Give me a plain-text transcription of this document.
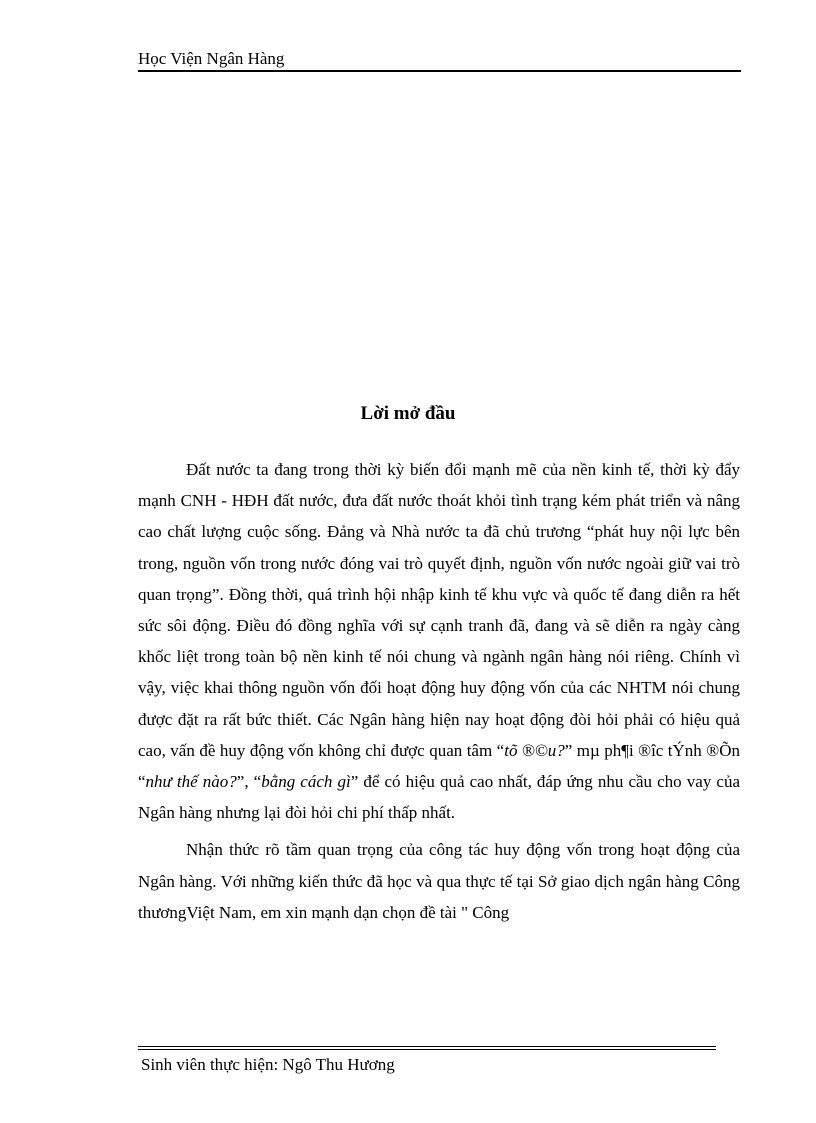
Học Viện Ngân Hàng
Lời mở đầu

Đất nước ta đang trong thời kỳ biến đổi mạnh mẽ của nền kinh tế, thời kỳ đẩy mạnh CNH - HĐH đất nước, đưa đất nước thoát khỏi tình trạng kém phát triển và nâng cao chất lượng cuộc sống. Đảng và Nhà nước ta đã chủ trương “phát huy nội lực bên trong, nguồn vốn trong nước đóng vai trò quyết định, nguồn vốn nước ngoài giữ vai trò quan trọng”. Đồng thời, quá trình hội nhập kinh tế khu vực và quốc tế đang diễn ra hết sức sôi động. Điều đó đồng nghĩa với sự cạnh tranh đã, đang và sẽ diễn ra ngày càng khốc liệt trong toàn bộ nền kinh tế nói chung và ngành ngân hàng nói riêng. Chính vì vậy, việc khai thông nguồn vốn đối hoạt động huy động vốn của các NHTM nói chung được đặt ra rất bức thiết. Các Ngân hàng hiện nay hoạt động đòi hỏi phải có hiệu quả cao, vấn đề huy động vốn không chỉ được quan tâm “tõ ®©u?” mµ ph¶i ®îc tÝnh ®Õn “như thế nào?”, “bằng cách gì” để có hiệu quả cao nhất, đáp ứng nhu cầu cho vay của Ngân hàng nhưng lại đòi hỏi chi phí thấp nhất.

Nhận thức rõ tầm quan trọng của công tác huy động vốn trong hoạt động của Ngân hàng. Với những kiến thức đã học và qua thực tế tại Sở giao dịch ngân hàng Công thươngViệt Nam, em xin mạnh dạn chọn đề tài " Công

Sinh viên thực hiện: Ngô Thu Hương
